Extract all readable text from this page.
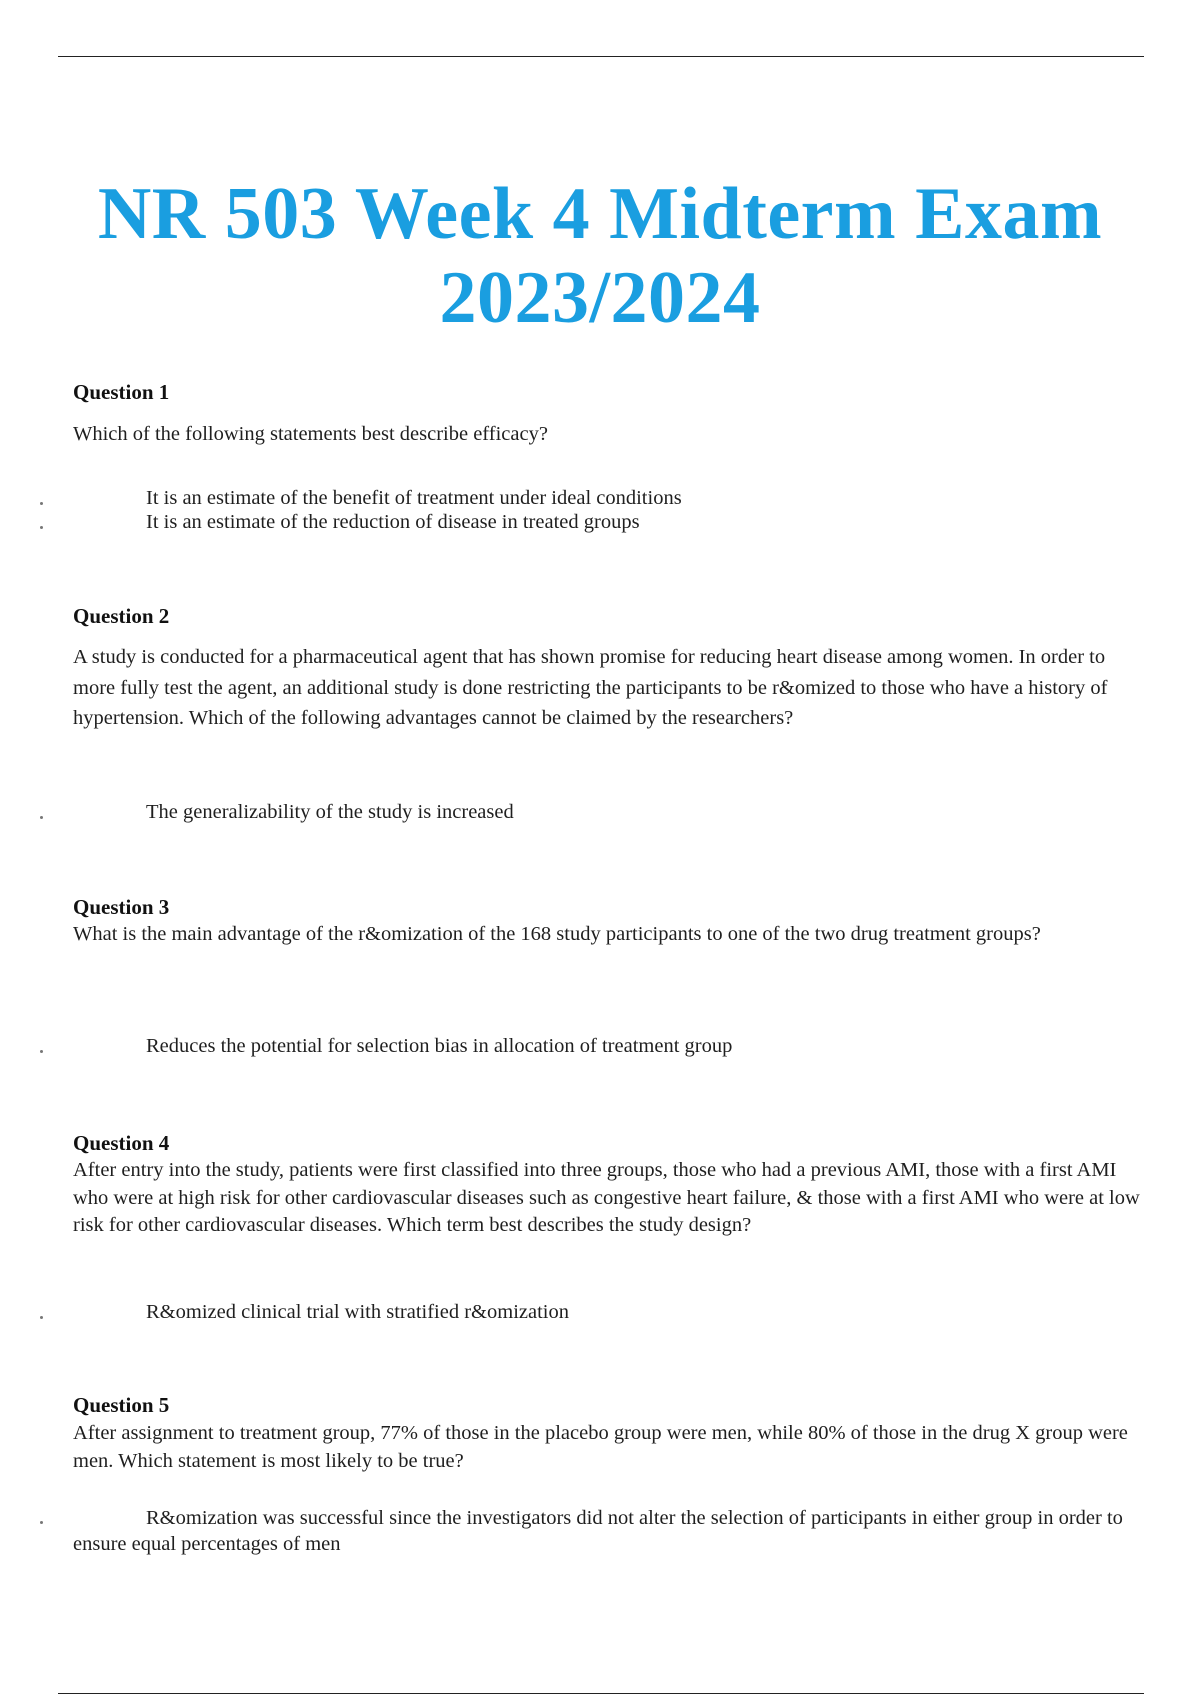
NR 503 Week 4 Midterm Exam
2023/2024
Question 1

Which of the following statements best describe efficacy?

It is an estimate of the benefit of treatment under ideal conditions
It is an estimate of the reduction of disease in treated groups
Question 2

A study is conducted for a pharmaceutical agent that has shown promise for reducing heart disease among women. In order to more fully test the agent, an additional study is done restricting the participants to be r&omized to those who have a history of hypertension. Which of the following advantages cannot be claimed by the researchers?

The generalizability of the study is increased
Question 3

What is the main advantage of the r&omization of the 168 study participants to one of the two drug treatment groups?

Reduces the potential for selection bias in allocation of treatment group
Question 4

After entry into the study, patients were first classified into three groups, those who had a previous AMI, those with a first AMI who were at high risk for other cardiovascular diseases such as congestive heart failure, & those with a first AMI who were at low risk for other cardiovascular diseases. Which term best describes the study design?

R&omized clinical trial with stratified r&omization
Question 5

After assignment to treatment group, 77% of those in the placebo group were men, while 80% of those in the drug X group were men. Which statement is most likely to be true?

R&omization was successful since the investigators did not alter the selection of participants in either group in order to ensure equal percentages of men
